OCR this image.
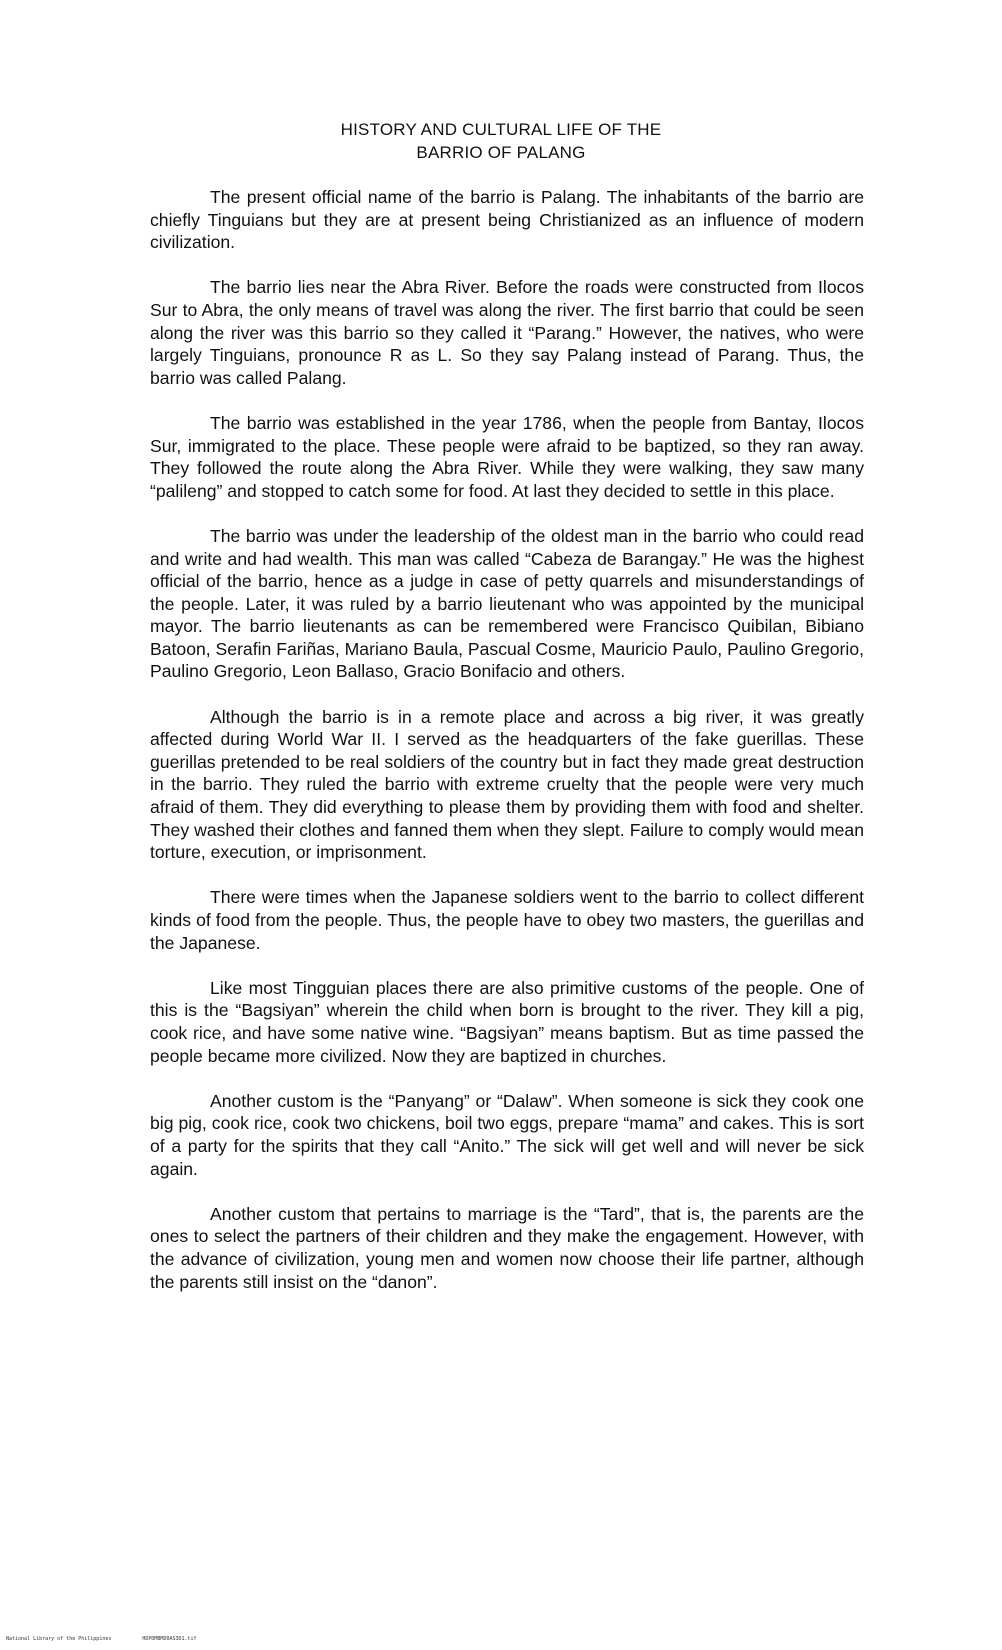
HISTORY AND CULTURAL LIFE OF THE
BARRIO OF PALANG

The present official name of the barrio is Palang. The inhabitants of the barrio are chiefly Tinguians but they are at present being Christianized as an influence of modern civilization.

The barrio lies near the Abra River. Before the roads were constructed from Ilocos Sur to Abra, the only means of travel was along the river. The first barrio that could be seen along the river was this barrio so they called it “Parang.” However, the natives, who were largely Tinguians, pronounce R as L. So they say Palang instead of Parang. Thus, the barrio was called Palang.

The barrio was established in the year 1786, when the people from Bantay, Ilocos Sur, immigrated to the place. These people were afraid to be baptized, so they ran away. They followed the route along the Abra River. While they were walking, they saw many “palileng” and stopped to catch some for food. At last they decided to settle in this place.

The barrio was under the leadership of the oldest man in the barrio who could read and write and had wealth. This man was called “Cabeza de Barangay.” He was the highest official of the barrio, hence as a judge in case of petty quarrels and misunderstandings of the people. Later, it was ruled by a barrio lieutenant who was appointed by the municipal mayor. The barrio lieutenants as can be remembered were Francisco Quibilan, Bibiano Batoon, Serafin Fariñas, Mariano Baula, Pascual Cosme, Mauricio Paulo, Paulino Gregorio, Paulino Gregorio, Leon Ballaso, Gracio Bonifacio and others.

Although the barrio is in a remote place and across a big river, it was greatly affected during World War II. I served as the headquarters of the fake guerillas. These guerillas pretended to be real soldiers of the country but in fact they made great destruction in the barrio. They ruled the barrio with extreme cruelty that the people were very much afraid of them. They did everything to please them by providing them with food and shelter. They washed their clothes and fanned them when they slept. Failure to comply would mean torture, execution, or imprisonment.

There were times when the Japanese soldiers went to the barrio to collect different kinds of food from the people. Thus, the people have to obey two masters, the guerillas and the Japanese.

Like most Tingguian places there are also primitive customs of the people. One of this is the “Bagsiyan” wherein the child when born is brought to the river. They kill a pig, cook rice, and have some native wine. “Bagsiyan” means baptism. But as time passed the people became more civilized. Now they are baptized in churches.

Another custom is the “Panyang” or “Dalaw”. When someone is sick they cook one big pig, cook rice, cook two chickens, boil two eggs, prepare “mama” and cakes. This is sort of a party for the spirits that they call “Anito.” The sick will get well and will never be sick again.

Another custom that pertains to marriage is the “Tard”, that is, the parents are the ones to select the partners of their children and they make the engagement. However, with the advance of civilization, young men and women now choose their life partner, although the parents still insist on the “danon”.

National Library of the Philippines	HDPDMBMD0AS3D1.tif
